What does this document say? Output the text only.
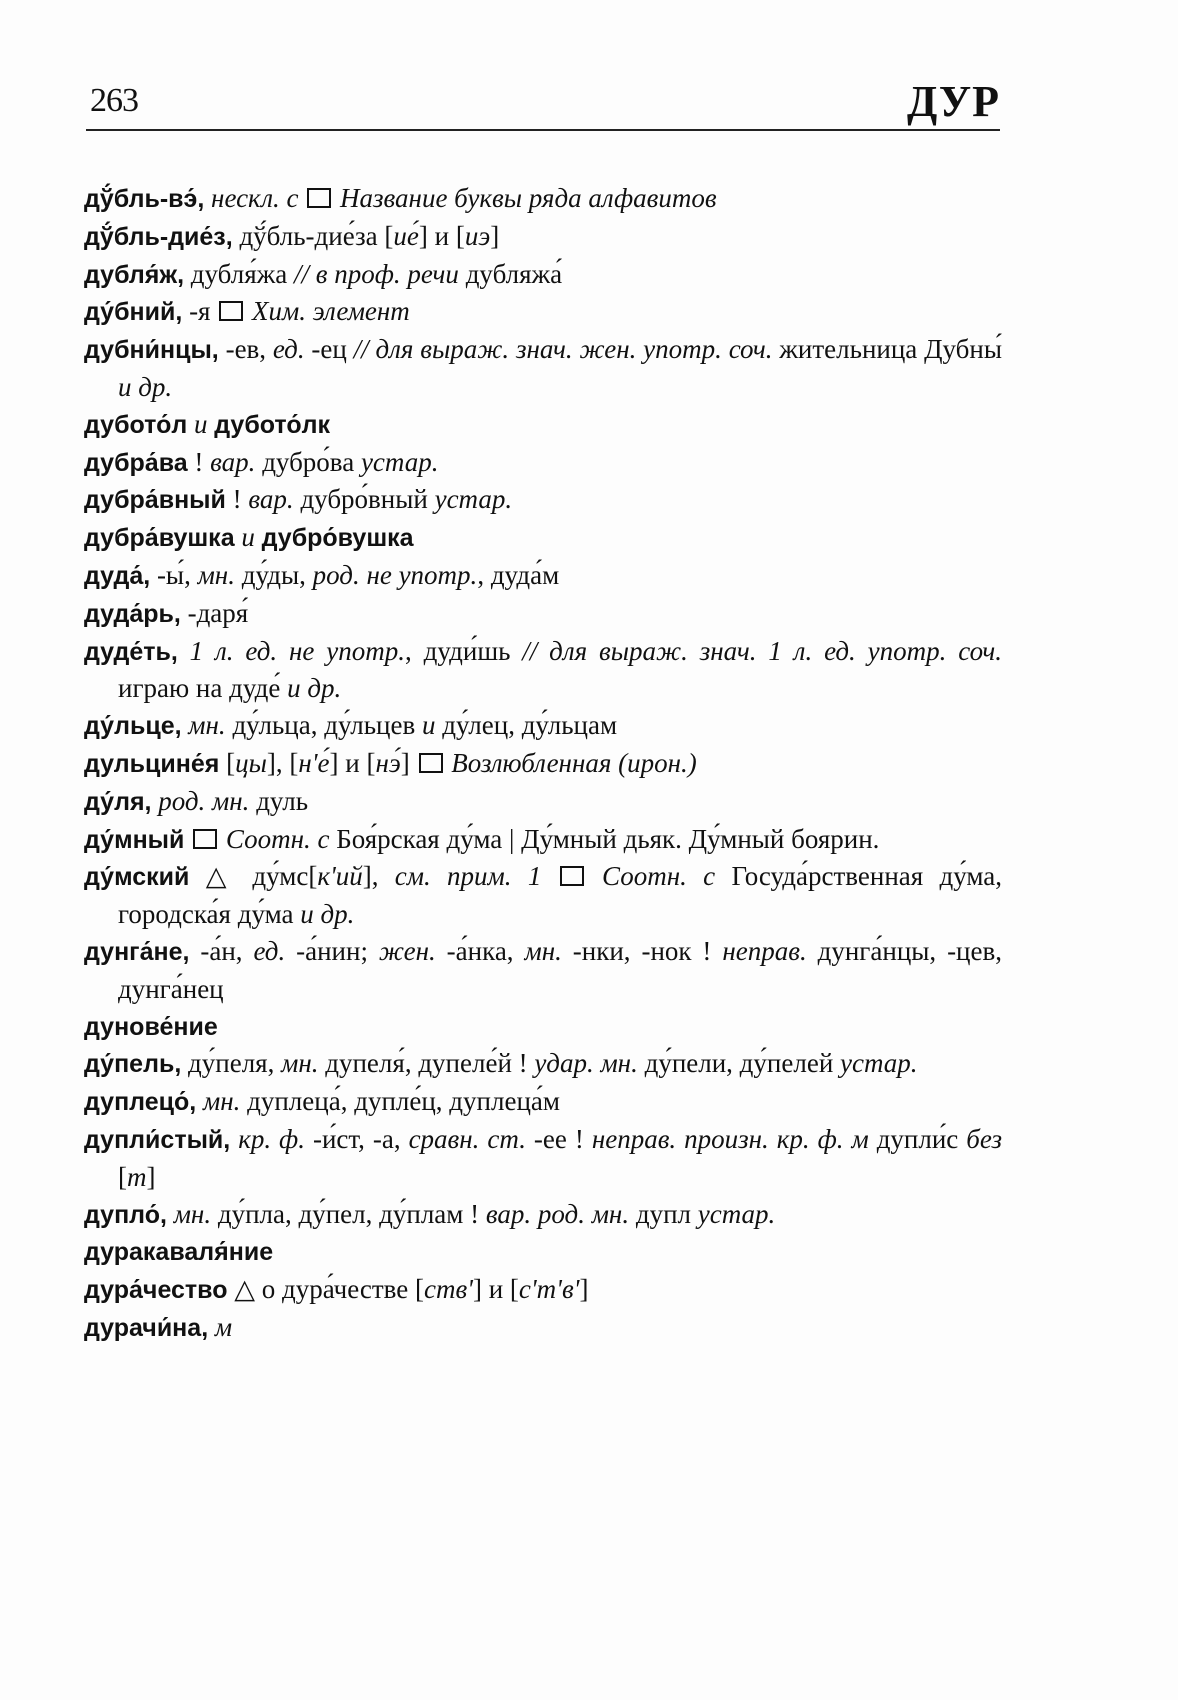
263	ДУР
дў́бль-вэ́, нескл. с  Название буквы ряда алфавитов
дў́бль-дие́з, дў́бль-дие́за [ие́] и [иэ]
дубля́ж, дубля́жа // в проф. речи дубляжа́
ду́бний, -я  Хим. элемент
дубни́нцы, -ев, ед. -ец // для выраж. знач. жен. употр. соч. жительница Дубны́ и др.
дубото́л и дубото́лк
дубра́ва ! вар. дубро́ва устар.
дубра́вный ! вар. дубро́вный устар.
дубра́вушка и дубро́вушка
дуда́, -ы́, мн. ду́ды, род. не употр., дуда́м
дуда́рь, -даря́
дуде́ть, 1 л. ед. не употр., дуди́шь // для выраж. знач. 1 л. ед. употр. соч. играю на дуде́ и др.
ду́льце, мн. ду́льца, ду́льцев и ду́лец, ду́льцам
дульцине́я [цы], [нʹе́] и [нэ́]  Возлюбленная (ирон.)
ду́ля, род. мн. дуль
ду́мный  Соотн. с Боя́рская ду́ма | Ду́мный дьяк. Ду́мный боярин.
ду́мский △ ду́мс[кʹий], см. прим. 1  Соотн. с Госуда́рственная ду́ма, городска́я ду́ма и др.
дунга́не, -а́н, ед. -а́нин; жен. -а́нка, мн. -нки, -нок ! неправ. дунга́нцы, -цев, дунга́нец
дунове́ние
ду́пель, ду́пеля, мн. дупеля́, дупеле́й ! удар. мн. ду́пели, ду́пелей устар.
дуплецо́, мн. дуплеца́, дупле́ц, дуплеца́м
дупли́стый, кр. ф. -и́ст, -а, сравн. ст. -ее ! неправ. произн. кр. ф. м дупли́с без [т]
дупло́, мн. ду́пла, ду́пел, ду́плам ! вар. род. мн. дупл устар.
дуракаваля́ние
дура́чество △ о дура́честве [ствʹ] и [сʹтʹвʹ]
дурачи́на, м
